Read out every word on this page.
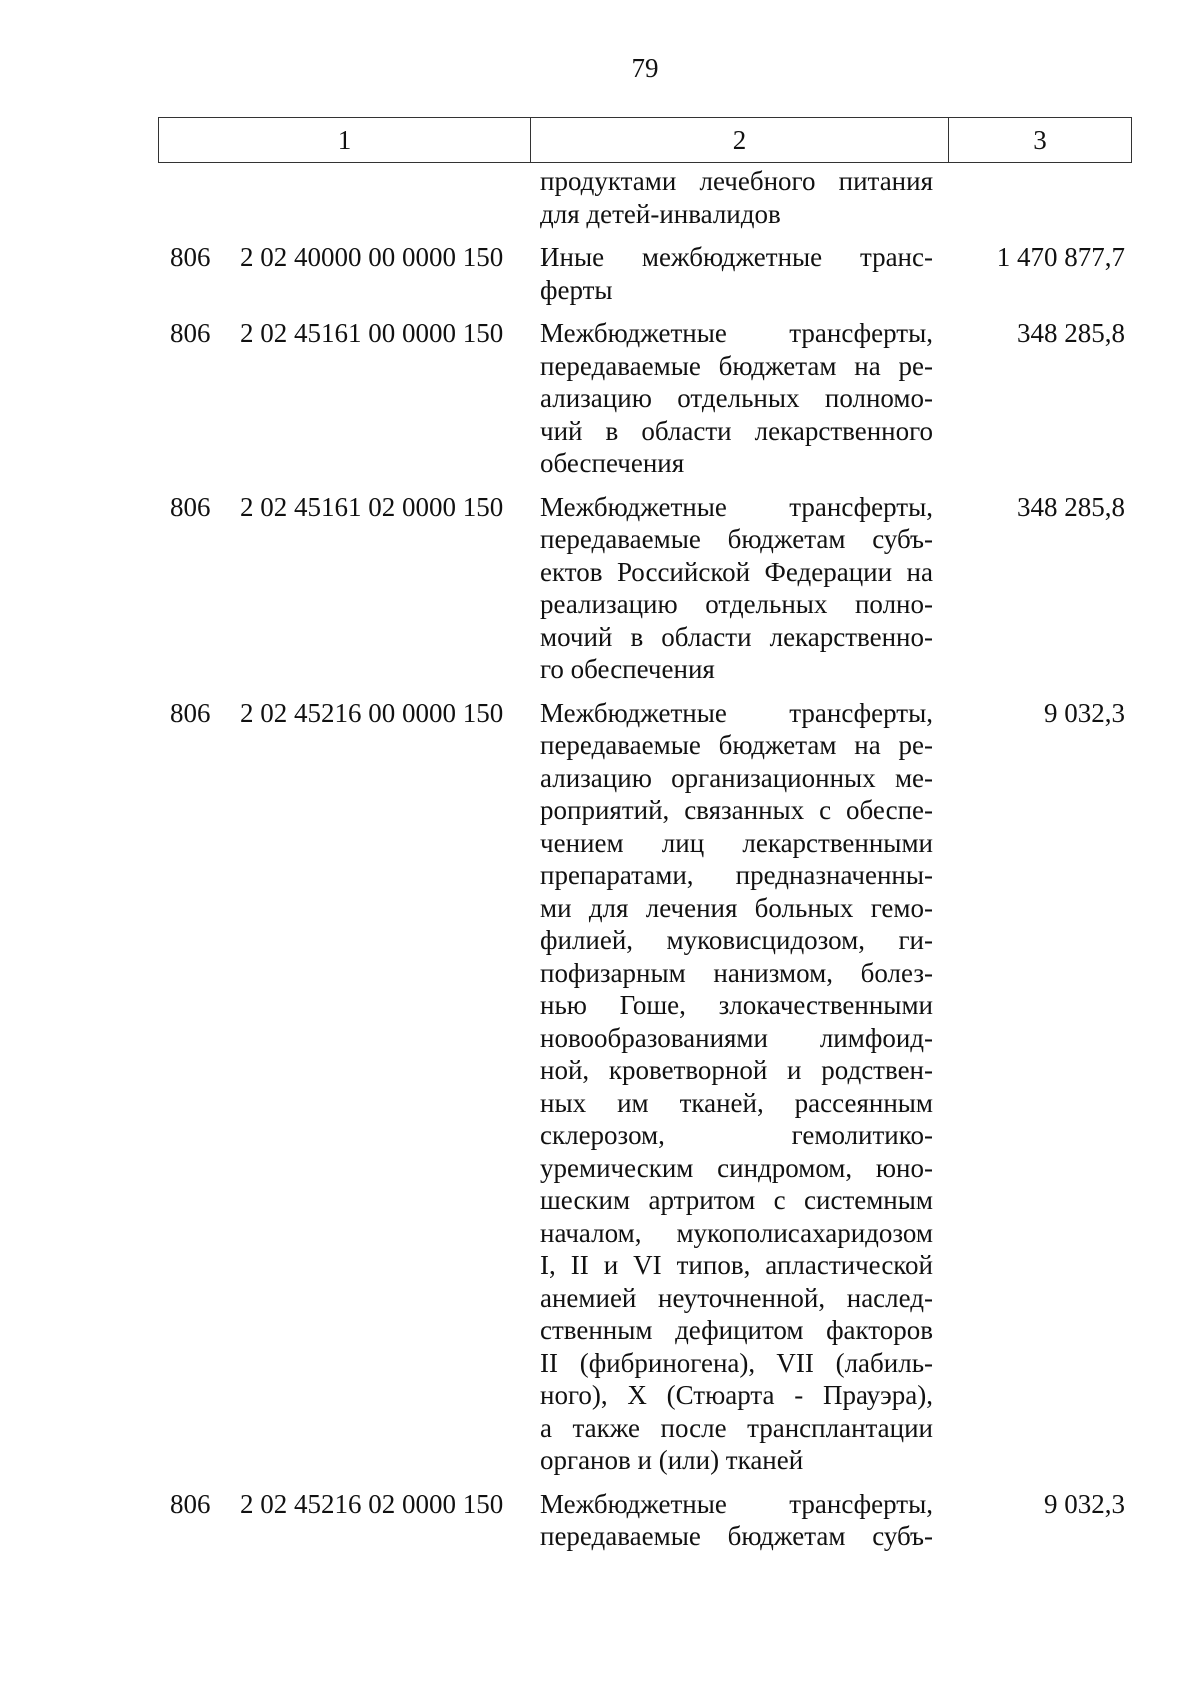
79
1	2	3
продуктами лечебного питания
для детей-инвалидов
806 2 02 40000 00 0000 150 Иные межбюджетные транс-
ферты
1 470 877,7
806 2 02 45161 00 0000 150 Межбюджетные трансферты,
передаваемые бюджетам на ре-
ализацию отдельных полномо-
чий в области лекарственного
обеспечения
348 285,8
806 2 02 45161 02 0000 150 Межбюджетные трансферты,
передаваемые бюджетам субъ-
ектов Российской Федерации на
реализацию отдельных полно-
мочий в области лекарственно-
го обеспечения
348 285,8
806 2 02 45216 00 0000 150 Межбюджетные трансферты,
передаваемые бюджетам на ре-
ализацию организационных ме-
роприятий, связанных с обеспе-
чением лиц лекарственными
препаратами, предназначенны-
ми для лечения больных гемо-
филией, муковисцидозом, ги-
пофизарным нанизмом, болез-
нью Гоше, злокачественными
новообразованиями лимфоид-
ной, кроветворной и родствен-
ных им тканей, рассеянным
склерозом, гемолитико-
уремическим синдромом, юно-
шеским артритом с системным
началом, мукополисахаридозом
I, II и VI типов, апластической
анемией неуточненной, наслед-
ственным дефицитом факторов
II (фибриногена), VII (лабиль-
ного), X (Стюарта - Прауэра),
а также после трансплантации
органов и (или) тканей
9 032,3
806 2 02 45216 02 0000 150 Межбюджетные трансферты,
передаваемые бюджетам субъ-
9 032,3
